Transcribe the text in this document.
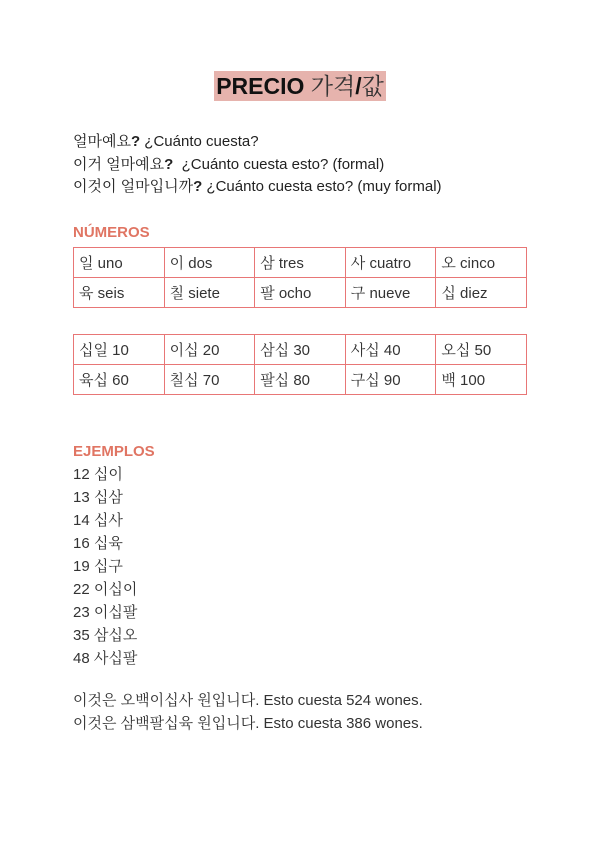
PRECIO 가격/값
얼마예요? ¿Cuánto cuesta?
이거 얼마예요?  ¿Cuánto cuesta esto? (formal)
이것이 얼마입니까? ¿Cuánto cuesta esto? (muy formal)
NÚMEROS
일 uno	이 dos	삼 tres	사 cuatro	오 cinco
육 seis	칠 siete	팔 ocho	구 nueve	십 diez
십일 10	이십 20	삼십 30	사십 40	오십 50
육십 60	칠십 70	팔십 80	구십 90	백 100
EJEMPLOS
12 십이
13 십삼
14 십사
16 십육
19 십구
22 이십이
23 이십팔
35 삼십오
48 사십팔
이것은 오백이십사 원입니다. Esto cuesta 524 wones.
이것은 삼백팔십육 원입니다. Esto cuesta 386 wones.
